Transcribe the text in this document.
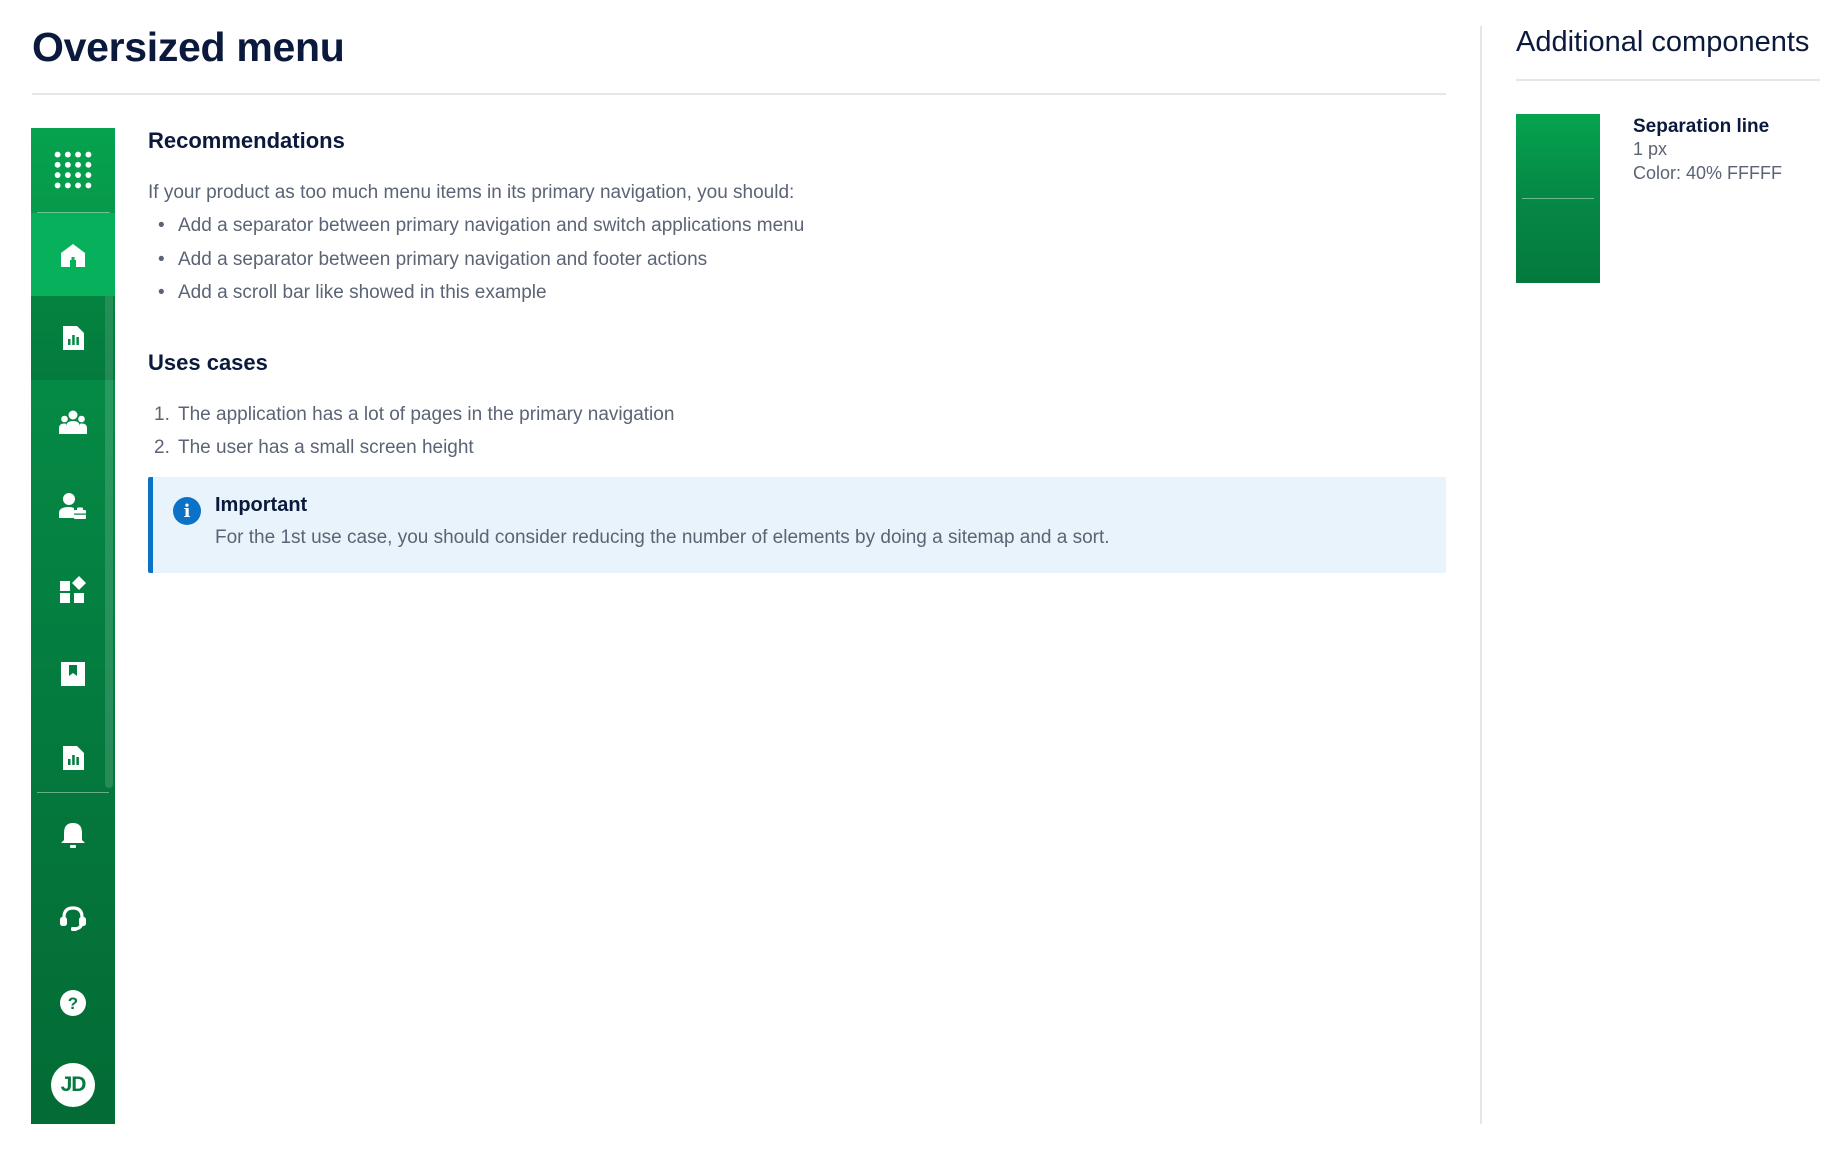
Oversized menu
?
JD
Recommendations

If your product as too much menu items in its primary navigation, you should:

• Add a separator between primary navigation and switch applications menu
• Add a separator between primary navigation and footer actions
• Add a scroll bar like showed in this example
Uses cases
1. The application has a lot of pages in the primary navigation
2. The user has a small screen height
i	Important
For the 1st use case, you should consider reducing the number of elements by doing a sitemap and a sort.
Additional components
Separation line
1 px
Color: 40% FFFFF
